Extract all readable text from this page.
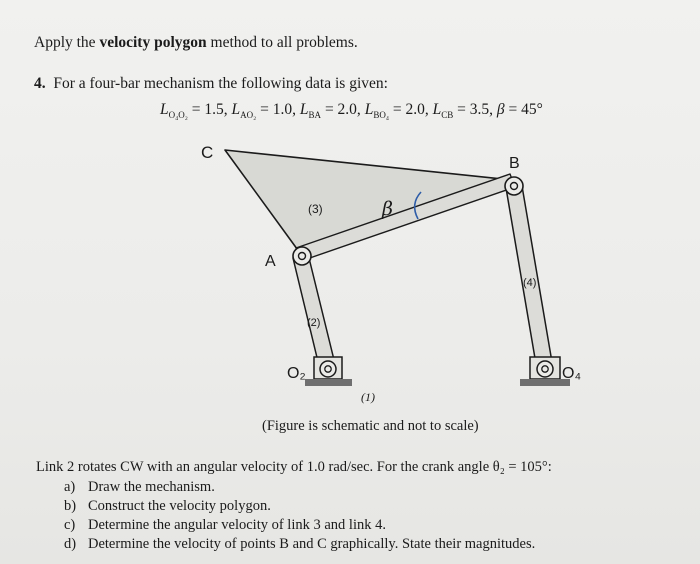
Apply the velocity polygon method to all problems.
4. For a four-bar mechanism the following data is given:
$L_{O_4O_2} = 1.5$, $L_{AO_2} = 1.0$, $L_{BA} = 2.0$, $L_{BO_4} = 2.0$, $L_{CB} = 3.5$, β = 45°
C
B
A
(3)	β
(2)
(4)
O₂	O₄
(1)
(Figure is schematic and not to scale)
Link 2 rotates CW with an angular velocity of 1.0 rad/sec. For the crank angle θ₂ = 105°:
a) Draw the mechanism.
b) Construct the velocity polygon.
c) Determine the angular velocity of link 3 and link 4.
d) Determine the velocity of points B and C graphically. State their magnitudes.
